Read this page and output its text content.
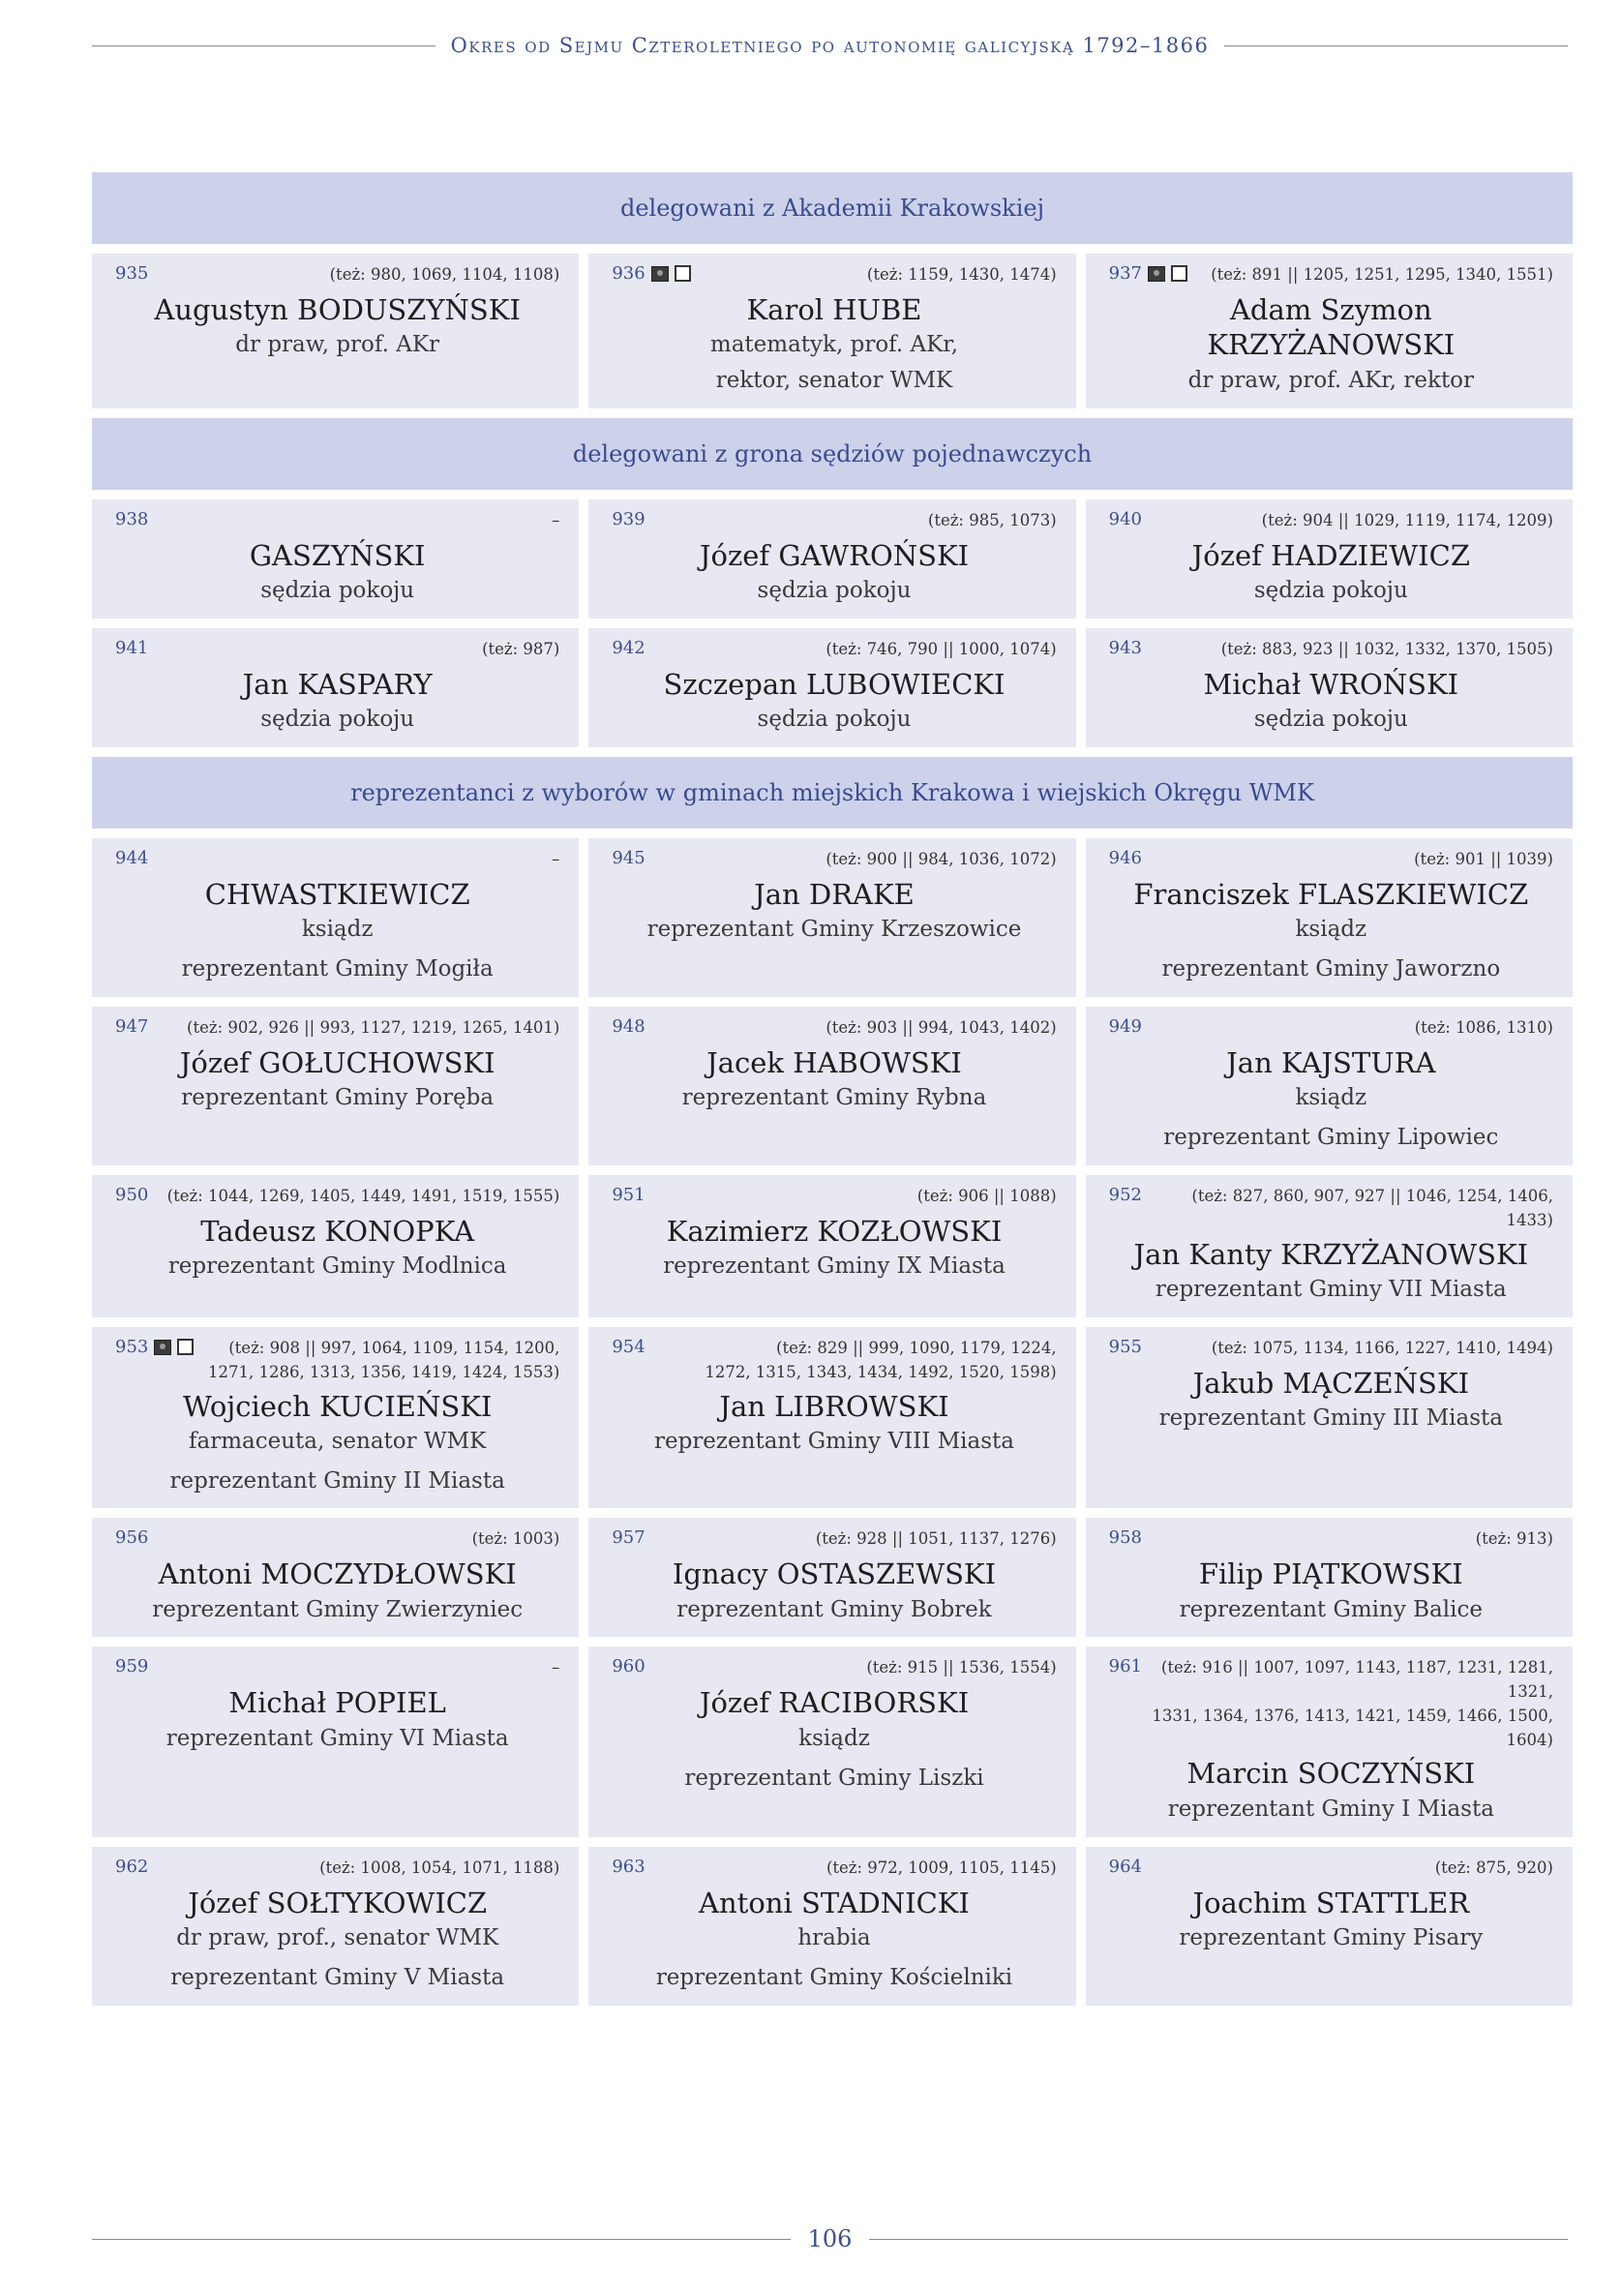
Okres od Sejmu Czteroletniego po autonomię galicyjską 1792–1866
delegowani z Akademii Krakowskiej
935	(też: 980, 1069, 1104, 1108)
Augustyn BODUSZYŃSKI
dr praw, prof. AKr
936	(też: 1159, 1430, 1474)
Karol HUBE
matematyk, prof. AKr,
rektor, senator WMK
937	(też: 891 || 1205, 1251, 1295, 1340, 1551)
Adam Szymon KRZYŻANOWSKI
dr praw, prof. AKr, rektor
delegowani z grona sędziów pojednawczych
938	–
GASZYŃSKI
sędzia pokoju
939	(też: 985, 1073)
Józef GAWROŃSKI
sędzia pokoju
940	(też: 904 || 1029, 1119, 1174, 1209)
Józef HADZIEWICZ
sędzia pokoju
941	(też: 987)
Jan KASPARY
sędzia pokoju
942	(też: 746, 790 || 1000, 1074)
Szczepan LUBOWIECKI
sędzia pokoju
943	(też: 883, 923 || 1032, 1332, 1370, 1505)
Michał WROŃSKI
sędzia pokoju
reprezentanci z wyborów w gminach miejskich Krakowa i wiejskich Okręgu WMK
944	–
CHWASTKIEWICZ
ksiądz
reprezentant Gminy Mogiła
945	(też: 900 || 984, 1036, 1072)
Jan DRAKE
reprezentant Gminy Krzeszowice
946	(też: 901 || 1039)
Franciszek FLASZKIEWICZ
ksiądz
reprezentant Gminy Jaworzno
947 (też: 902, 926 || 993, 1127, 1219, 1265, 1401)
Józef GOŁUCHOWSKI
reprezentant Gminy Poręba
948	(też: 903 || 994, 1043, 1402)
Jacek HABOWSKI
reprezentant Gminy Rybna
949	(też: 1086, 1310)
Jan KAJSTURA
ksiądz
reprezentant Gminy Lipowiec
950 (też: 1044, 1269, 1405, 1449, 1491, 1519, 1555)
Tadeusz KONOPKA
reprezentant Gminy Modlnica
951	(też: 906 || 1088)
Kazimierz KOZŁOWSKI
reprezentant Gminy IX Miasta
952	(też: 827, 860, 907, 927 || 1046, 1254, 1406, 1433)
Jan Kanty KRZYŻANOWSKI
reprezentant Gminy VII Miasta
953	(też: 908 || 997, 1064, 1109, 1154, 1200,
1271, 1286, 1313, 1356, 1419, 1424, 1553)
Wojciech KUCIEŃSKI
farmaceuta, senator WMK
reprezentant Gminy II Miasta
954	(też: 829 || 999, 1090, 1179, 1224,
1272, 1315, 1343, 1434, 1492, 1520, 1598)
Jan LIBROWSKI
reprezentant Gminy VIII Miasta
955	(też: 1075, 1134, 1166, 1227, 1410, 1494)
Jakub MĄCZEŃSKI
reprezentant Gminy III Miasta
956	(też: 1003)
Antoni MOCZYDŁOWSKI
reprezentant Gminy Zwierzyniec
957	(też: 928 || 1051, 1137, 1276)
Ignacy OSTASZEWSKI
reprezentant Gminy Bobrek
958	(też: 913)
Filip PIĄTKOWSKI
reprezentant Gminy Balice
959	–
Michał POPIEL
reprezentant Gminy VI Miasta
960	(też: 915 || 1536, 1554)
Józef RACIBORSKI
ksiądz
reprezentant Gminy Liszki
961	(też: 916 || 1007, 1097, 1143, 1187, 1231, 1281, 1321,
1331, 1364, 1376, 1413, 1421, 1459, 1466, 1500, 1604)
Marcin SOCZYŃSKI
reprezentant Gminy I Miasta
962	(też: 1008, 1054, 1071, 1188)
Józef SOŁTYKOWICZ
dr praw, prof., senator WMK
reprezentant Gminy V Miasta
963	(też: 972, 1009, 1105, 1145)
Antoni STADNICKI
hrabia
reprezentant Gminy Kościelniki
964	(też: 875, 920)
Joachim STATTLER
reprezentant Gminy Pisary
106
